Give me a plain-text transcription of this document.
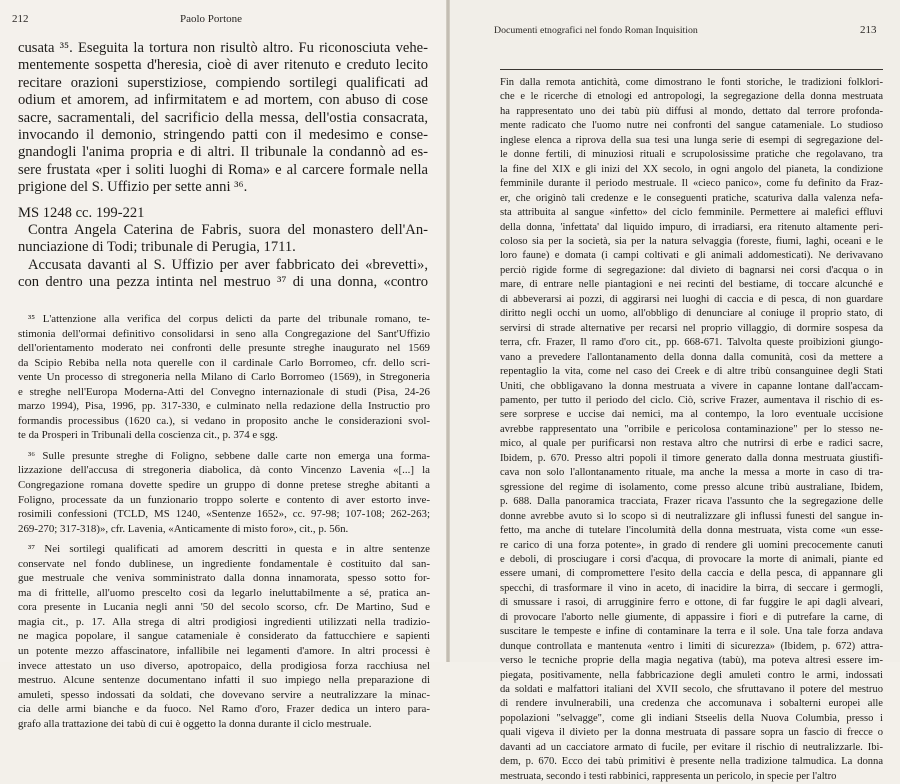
212	Paolo Portone
cusata ³⁵. Eseguita la tortura non risultò altro. Fu riconosciuta vehe-
mentemente sospetta d'heresia, cioè di aver ritenuto e creduto lecito
recitare orazioni superstiziose, compiendo sortilegi qualificati ad
odium et amorem, ad infirmitatem e ad mortem, con abuso di cose
sacre, sacramentali, del sacrificio della messa, dell'ostia consacrata,
invocando il demonio, stringendo patti con il medesimo e conse-
gnandogli l'anima propria e di altri. Il tribunale la condannò ad es-
sere frustata «per i soliti luoghi di Roma» e al carcere formale nella
prigione del S. Uffizio per sette anni ³⁶.
MS 1248 cc. 199-221
Contra Angela Caterina de Fabris, suora del monastero dell'An-
nunciazione di Todi; tribunale di Perugia, 1711.
Accusata davanti al S. Uffizio per aver fabbricato dei «brevetti»,
con dentro una pezza intinta nel mestruo ³⁷ di una donna, «contro
³⁵ L'attenzione alla verifica del corpus delicti da parte del tribunale romano, te-
stimonia dell'ormai definitivo consolidarsi in seno alla Congregazione del Sant'Uffizio
dell'orientamento moderato nei confronti delle presunte streghe inaugurato nel 1569
da Scipio Rebiba nella nota querelle con il cardinale Carlo Borromeo, cfr. dello scri-
vente Un processo di stregoneria nella Milano di Carlo Borromeo (1569), in Stregoneria
e streghe nell'Europa Moderna-Atti del Convegno internazionale di studi (Pisa, 24-26
marzo 1994), Pisa, 1996, pp. 317-330, e culminato nella redazione della Instructio pro
formandis processibus (1620 ca.), si vedano in proposito anche le considerazioni svol-
te da Prosperi in Tribunali della coscienza cit., p. 374 e sgg.
³⁶ Sulle presunte streghe di Foligno, sebbene dalle carte non emerga una forma-
lizzazione dell'accusa di stregoneria diabolica, dà conto Vincenzo Lavenia «[...] la
Congregazione romana dovette spedire un gruppo di donne pretese streghe abitanti a
Foligno, processate da un funzionario troppo solerte e contento di aver estorto inve-
rosimili confessioni (TCLD, MS 1240, «Sentenze 1652», cc. 97-98; 107-108; 262-263;
269-270; 317-318)», cfr. Lavenia, «Anticamente di misto foro», cit., p. 56n.
³⁷ Nei sortilegi qualificati ad amorem descritti in questa e in altre sentenze
conservate nel fondo dublinese, un ingrediente fondamentale è costituito dal san-
gue mestruale che veniva somministrato dalla donna innamorata, spesso sotto for-
ma di frittelle, all'uomo prescelto così da legarlo ineluttabilmente a sé, pratica an-
cora presente in Lucania negli anni '50 del secolo scorso, cfr. De Martino, Sud e
magia cit., p. 17. Alla strega di altri prodigiosi ingredienti utilizzati nella tradizio-
ne magica popolare, il sangue catameniale è considerato da fattucchiere e sapienti
un potente mezzo affascinatore, infallibile nei legamenti d'amore. In altri processi è
invece attestato un uso diverso, apotropaico, della prodigiosa forza racchiusa nel
mestruo. Alcune sentenze documentano infatti il suo impiego nella preparazione di
amuleti, spesso indossati da soldati, che dovevano servire a neutralizzare la minac-
cia delle armi bianche e da fuoco. Nel Ramo d'oro, Frazer dedica un intero para-
grafo alla trattazione dei tabù di cui è oggetto la donna durante il ciclo mestruale.
Documenti etnografici nel fondo Roman Inquisition	213
Fin dalla remota antichità, come dimostrano le fonti storiche, le tradizioni folklori-
che e le ricerche di etnologi ed antropologi, la segregazione della donna mestruata
ha rappresentato uno dei tabù più diffusi al mondo, dettato dal terrore profonda-
mente radicato che l'uomo nutre nei confronti del sangue catameniale. Lo studioso
inglese elenca a riprova della sua tesi una lunga serie di esempi di segregazione del-
le donne fertili, di minuziosi rituali e scrupolosissime pratiche che regolavano, tra
la fine del XIX e gli inizi del XX secolo, in ogni angolo del pianeta, la condizione
femminile durante il periodo mestruale. Il «cieco panico», come fu definito da Fraz-
er, che originò tali credenze e le conseguenti pratiche, scaturiva dalla valenza nefa-
sta attribuita al sangue «infetto» del ciclo femminile. Permettere ai malefici effluvi
della donna, 'infettata' dal liquido impuro, di irradiarsi, era ritenuto altamente peri-
coloso sia per la società, sia per la natura selvaggia (foreste, fiumi, laghi, oceani e le
loro faune) e domata (i campi coltivati e gli animali addomesticati). Ne derivavano
perciò rigide forme di segregazione: dal divieto di bagnarsi nei corsi d'acqua o in
mare, di entrare nelle piantagioni e nei recinti del bestiame, di toccare alcunché e
di abbeverarsi ai pozzi, di aggirarsi nei luoghi di caccia e di pesca, di non guardare
diritto negli occhi un uomo, all'obbligo di denunciare al coniuge il proprio stato, di
servirsi di strade alternative per recarsi nel proprio villaggio, di dormire sospesa da
terra, cfr. Frazer, Il ramo d'oro cit., pp. 668-671. Talvolta queste proibizioni giungo-
vano a prevedere l'allontanamento della donna dalla comunità, così da mettere a
repentaglio la vita, come nel caso dei Creek e di altre tribù consanguinee degli Stati
Uniti, che obbligavano la donna mestruata a vivere in capanne lontane dall'accam-
pamento, per tutto il periodo del ciclo. Ciò, scrive Frazer, aumentava il rischio di es-
sere sorprese e uccise dai nemici, ma al contempo, la loro eventuale uccisione
avrebbe rappresentato una "orribile e pericolosa contaminazione" per lo stesso ne-
mico, al quale per purificarsi non restava altro che nutrirsi di erbe e radici sacre,
Ibidem, p. 670. Presso altri popoli il timore generato dalla donna mestruata giustifi-
cava non solo l'allontanamento rituale, ma anche la messa a morte in caso di tra-
sgressione del regime di isolamento, come presso alcune tribù australiane, Ibidem,
p. 688. Dalla panoramica tracciata, Frazer ricava l'assunto che la segregazione delle
donne avrebbe avuto sì lo scopo sì di neutralizzare gli influssi funesti del sangue in-
fetto, ma anche di tutelare l'incolumità della donna mestruata, vista come «un esse-
re carico di una forza potente», in grado di rendere gli uomini precocemente canuti
e deboli, di prosciugare i corsi d'acqua, di provocare la morte di animali, piante ed
essere umani, di compromettere l'esito della caccia e della pesca, di appannare gli
specchi, di trasformare il vino in aceto, di inacidire la birra, di seccare i germogli,
di smussare i rasoi, di arrugginire ferro e ottone, di far fuggire le api dagli alveari,
di provocare l'aborto nelle giumente, di appassire i fiori e di putrefare la carne, di
suscitare le tempeste e infine di contaminare la terra e il sole. Una tale forza andava
dunque controllata e mantenuta «entro i limiti di sicurezza» (Ibidem, p. 672) attra-
verso le tecniche proprie della magia negativa (tabù), ma poteva altresì essere im-
piegata, positivamente, nella fabbricazione degli amuleti contro le armi, indossati
da soldati e malfattori italiani del XVII secolo, che sfruttavano il potere del mestruo
di rendere invulnerabili, una credenza che accomunava i sobalterni europei alle
popolazioni "selvagge", come gli indiani Stseelis della Nuova Columbia, presso i
quali vigeva il divieto per la donna mestruata di passare sopra un fascio di frecce o
davanti ad un cacciatore armato di fucile, per evitare il rischio di neutralizzarle. Ibi-
dem, p. 670. Ecco dei tabù primitivi è presente nella tradizione talmudica. La donna
mestruata, secondo i testi rabbinici, rappresenta un pericolo, in specie per l'altro
